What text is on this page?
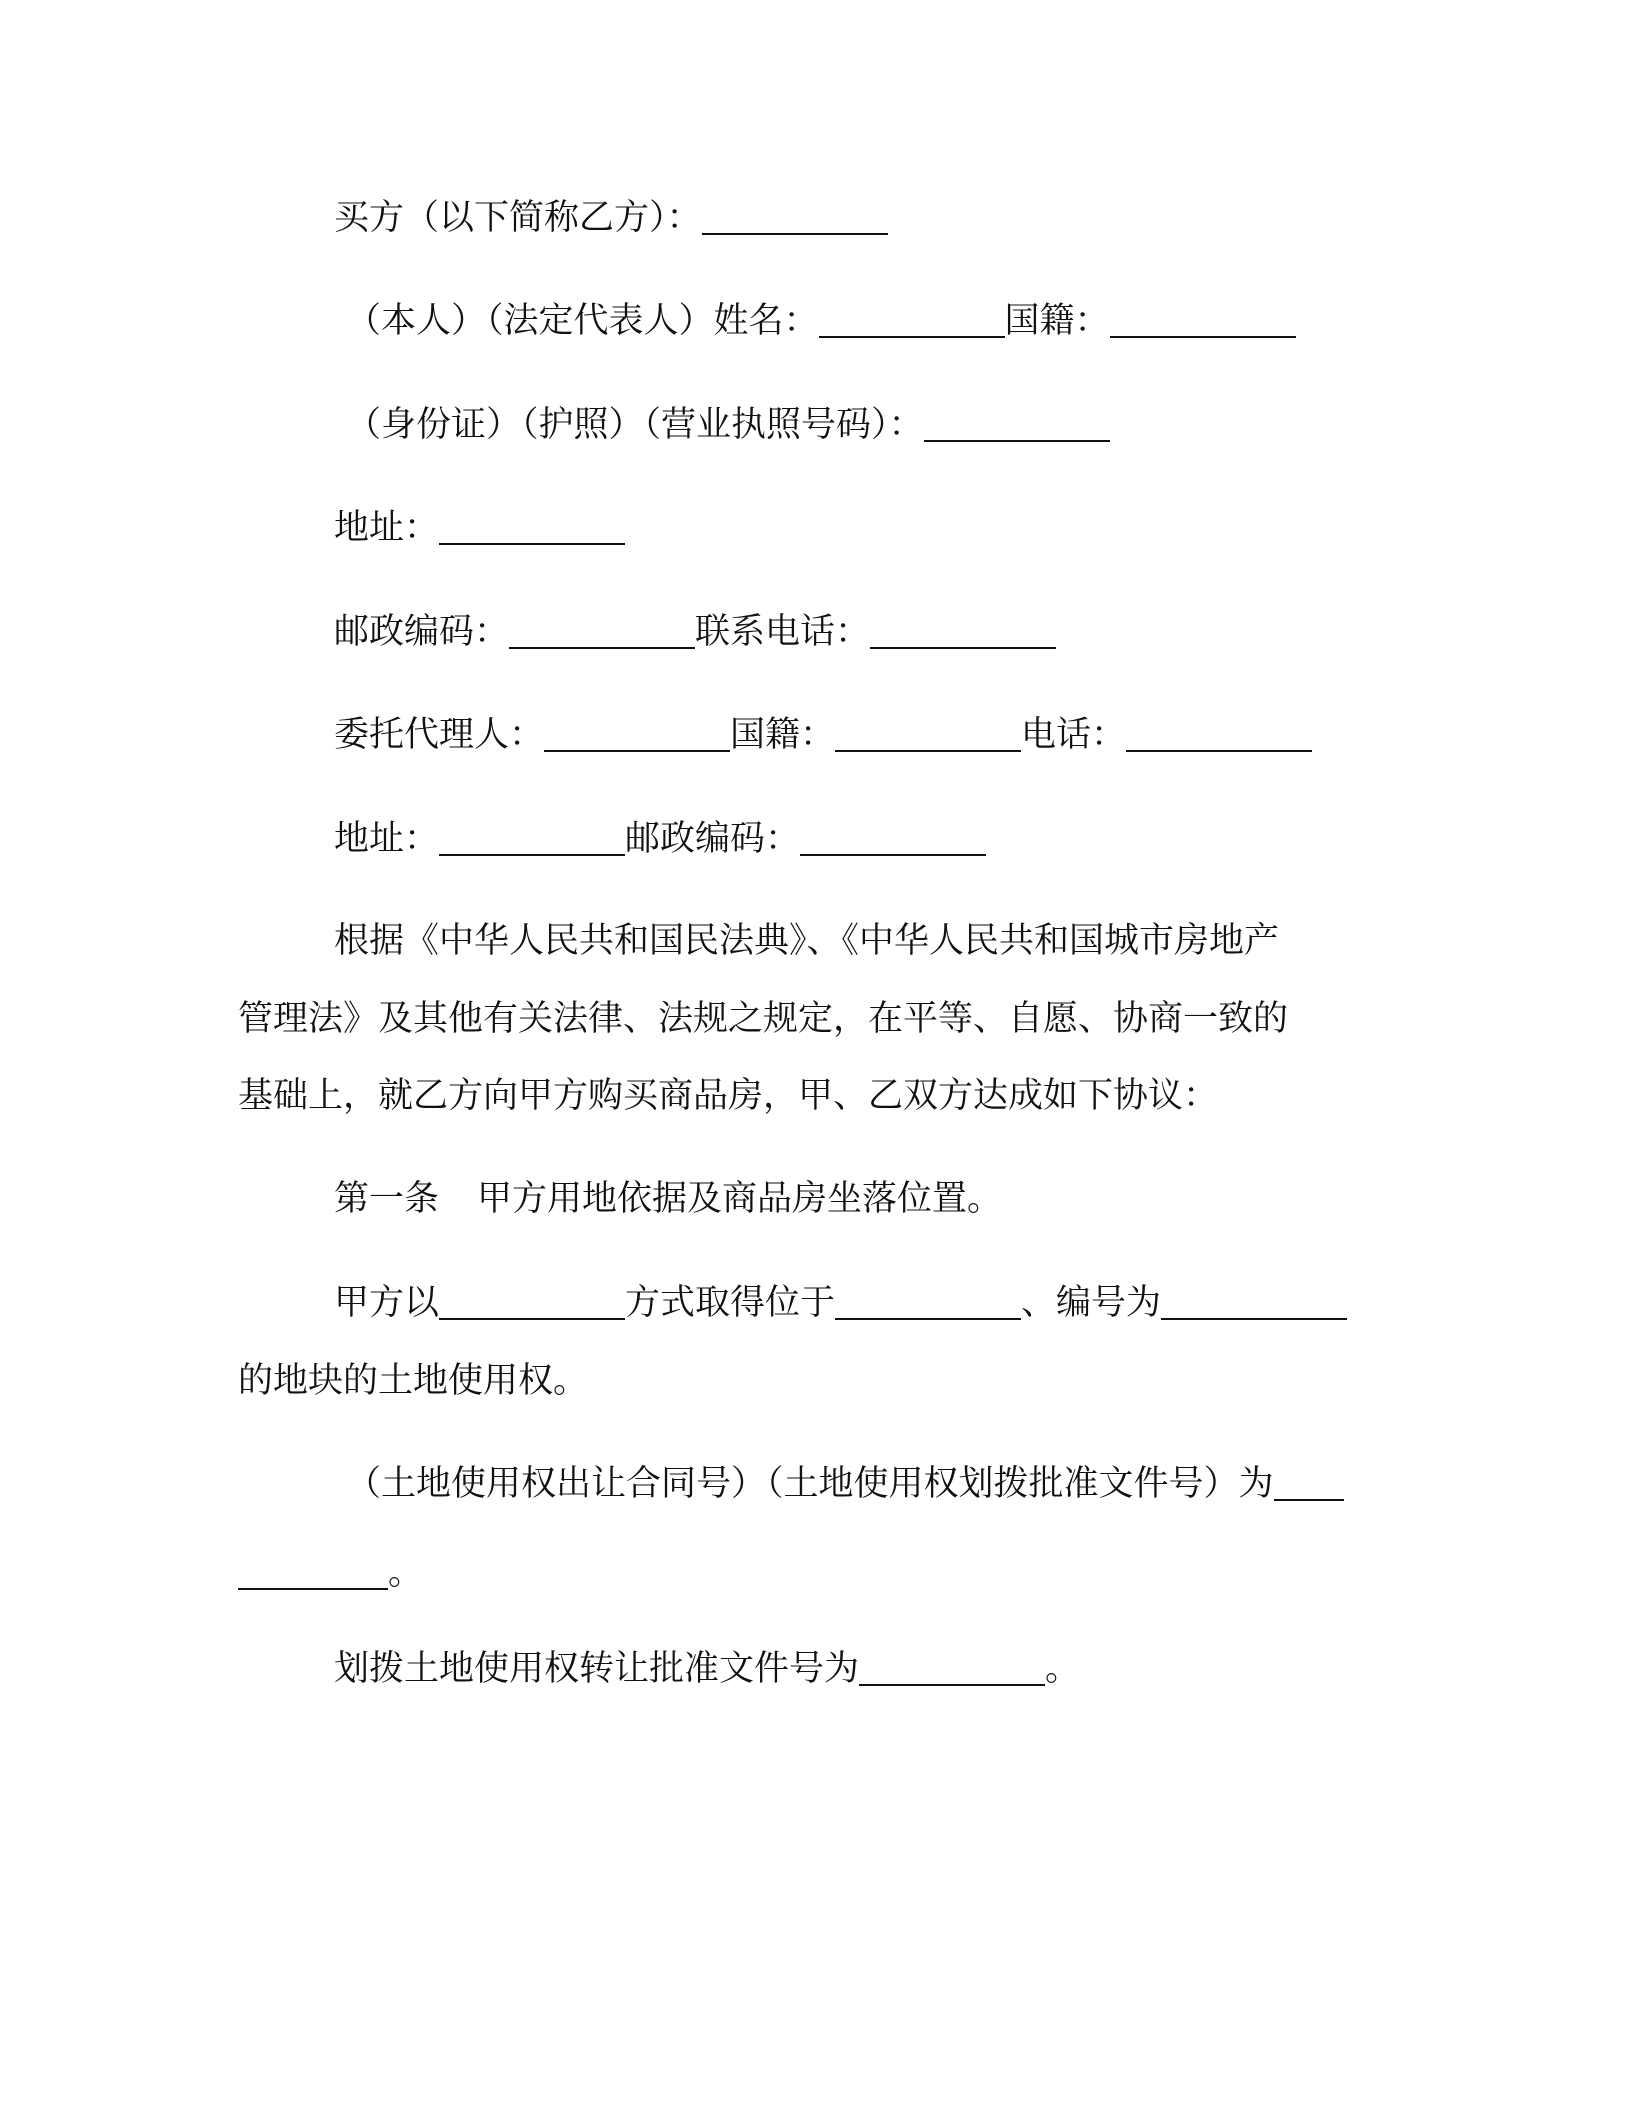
买方（以下简称乙方）：
（本人）（法定代表人）姓名：	国籍：
（身份证）（护照）（营业执照号码）：
地址：
邮政编码：	联系电话：
委托代理人：	国籍：	电话：
地址：	邮政编码：
根据《中华人民共和国民法典》、《中华人民共和国城市房地产
管理法》及其他有关法律、法规之规定，在平等、自愿、协商一致的
基础上，就乙方向甲方购买商品房，甲、乙双方达成如下协议：
第一条 甲方用地依据及商品房坐落位置。
甲方以	方式取得位于	、编号为
的地块的土地使用权。
（土地使用权出让合同号）（土地使用权划拨批准文件号）为
。
划拨土地使用权转让批准文件号为	。
